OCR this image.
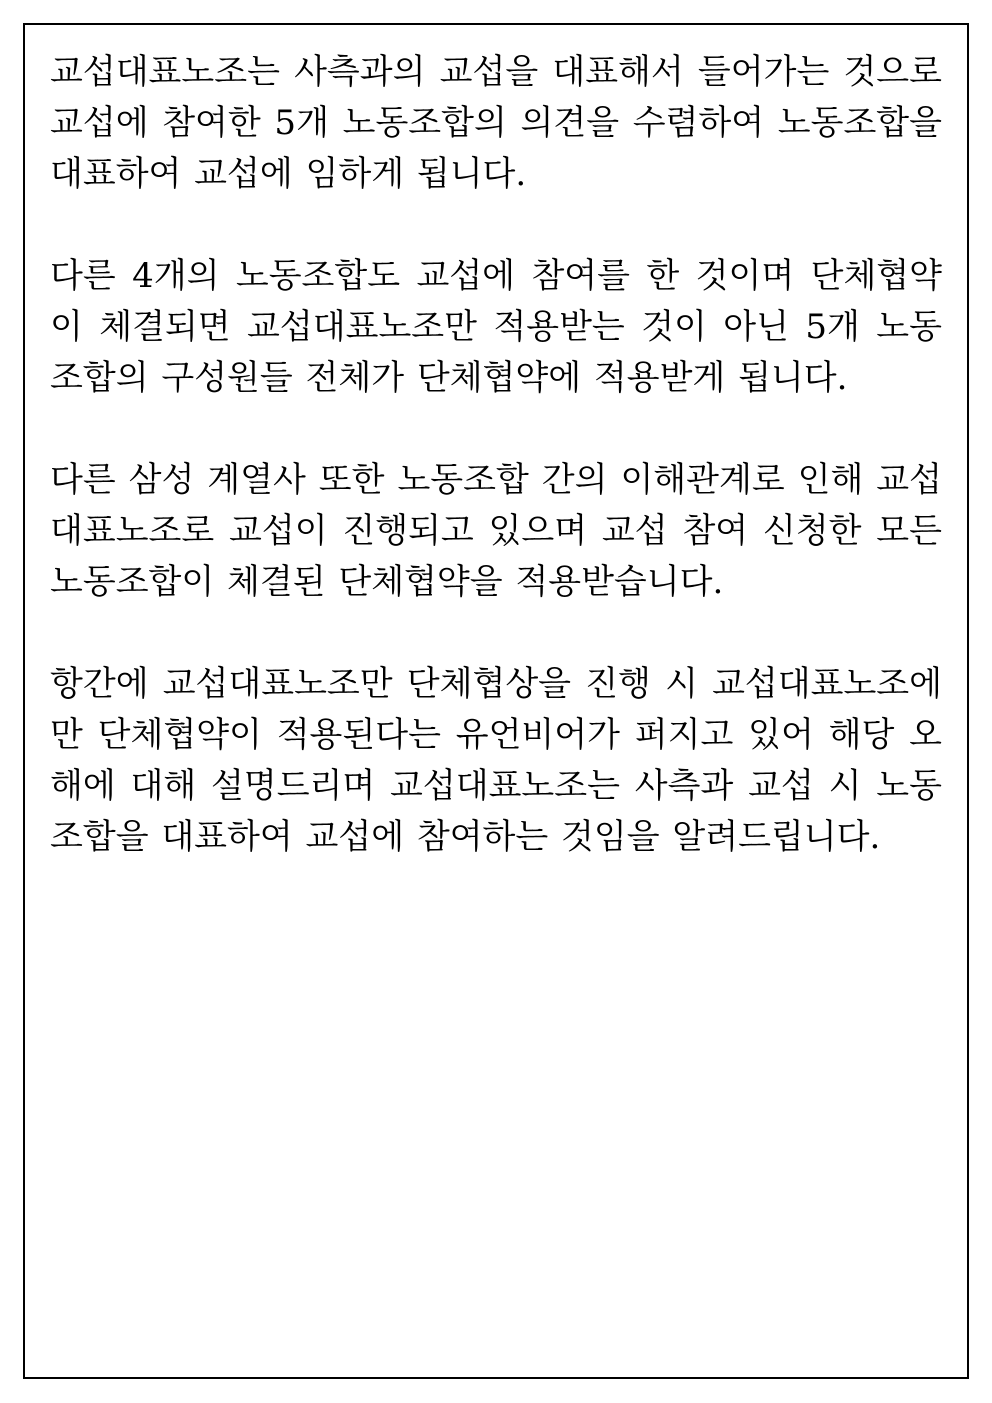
교섭대표노조는 사측과의 교섭을 대표해서 들어가는 것으로 교섭에 참여한 5개 노동조합의 의견을 수렴하여 노동조합을 대표하여 교섭에 임하게 됩니다.

다른 4개의 노동조합도 교섭에 참여를 한 것이며 단체협약이 체결되면 교섭대표노조만 적용받는 것이 아닌 5개 노동조합의 구성원들 전체가 단체협약에 적용받게 됩니다.

다른 삼성 계열사 또한 노동조합 간의 이해관계로 인해 교섭대표노조로 교섭이 진행되고 있으며 교섭 참여 신청한 모든 노동조합이 체결된 단체협약을 적용받습니다.

항간에 교섭대표노조만 단체협상을 진행 시 교섭대표노조에만 단체협약이 적용된다는 유언비어가 퍼지고 있어 해당 오해에 대해 설명드리며 교섭대표노조는 사측과 교섭 시 노동조합을 대표하여 교섭에 참여하는 것임을 알려드립니다.
